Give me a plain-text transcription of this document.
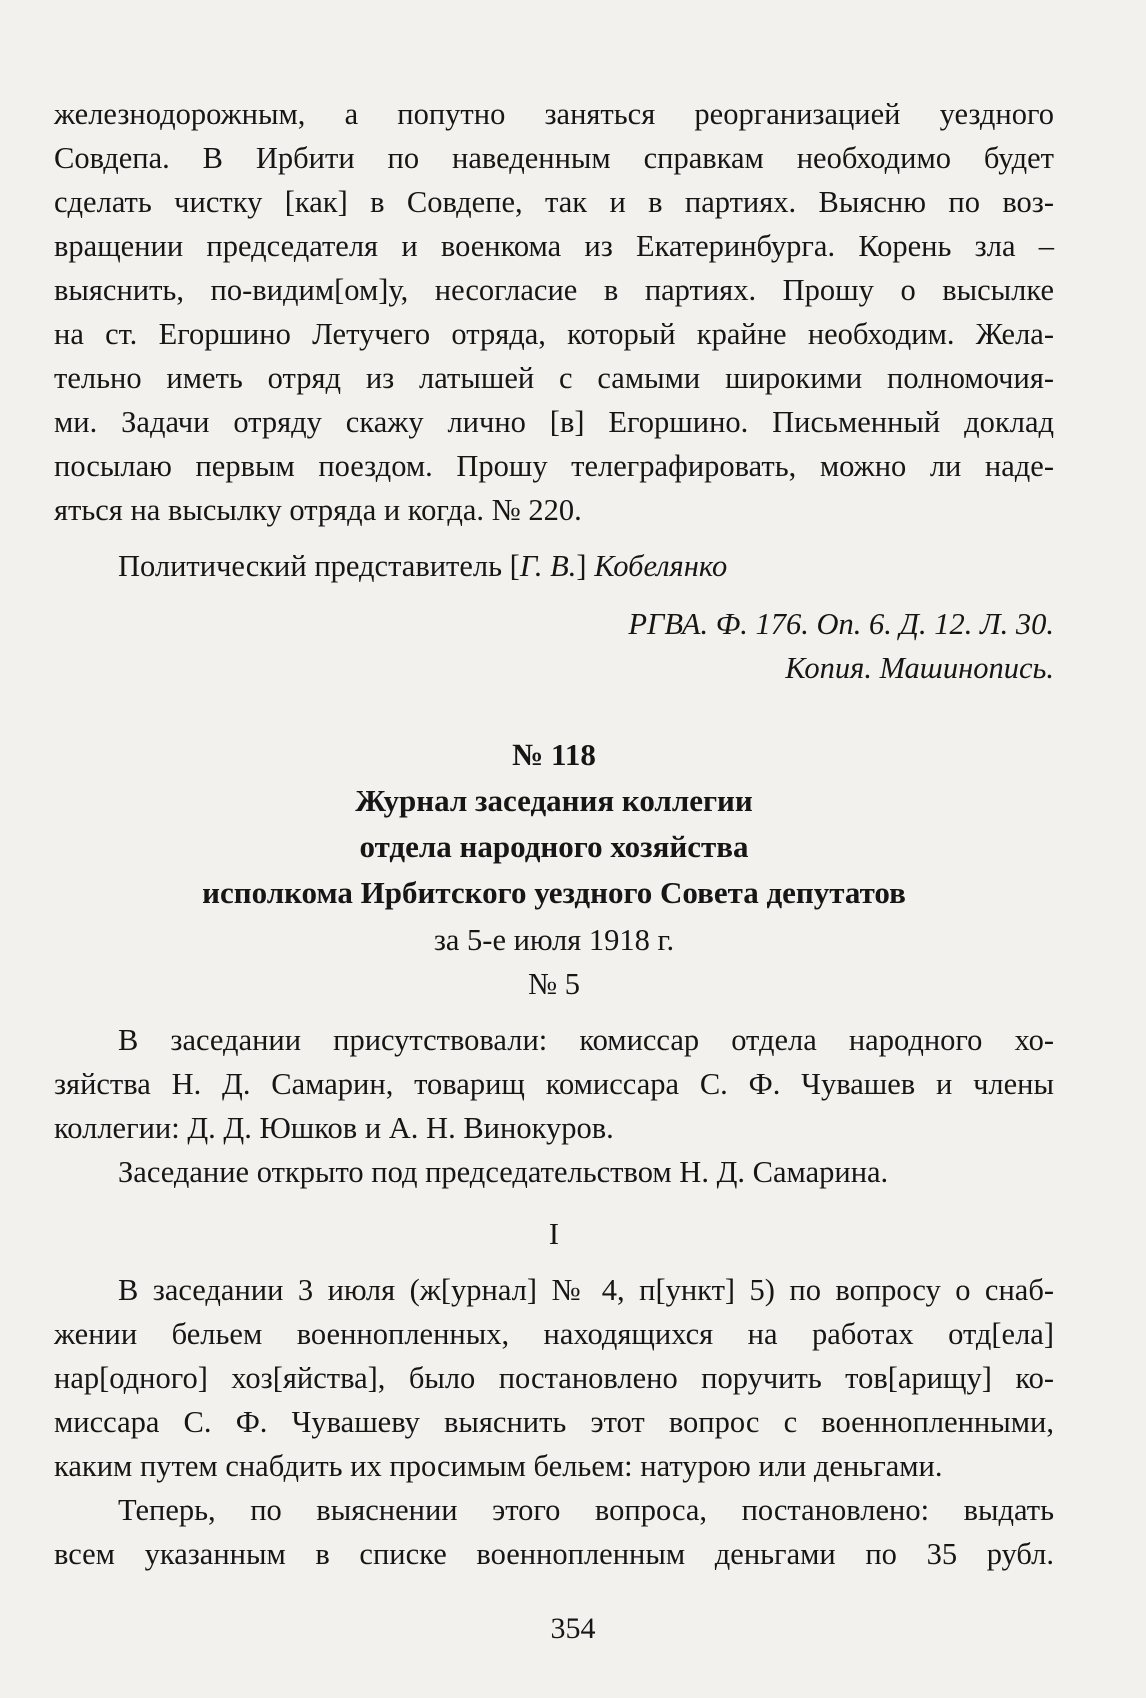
железнодорожным, а попутно заняться реорганизацией уездного
Совдепа. В Ирбити по наведенным справкам необходимо будет
сделать чистку [как] в Совдепе, так и в партиях. Выясню по воз-
вращении председателя и военкома из Екатеринбурга. Корень зла –
выяснить, по-видим[ом]у, несогласие в партиях. Прошу о высылке
на ст. Егоршино Летучего отряда, который крайне необходим. Жела-
тельно иметь отряд из латышей с самыми широкими полномочия-
ми. Задачи отряду скажу лично [в] Егоршино. Письменный доклад
посылаю первым поездом. Прошу телеграфировать, можно ли наде-
яться на высылку отряда и когда. № 220.
Политический представитель [Г. В.] Кобелянко
РГВА. Ф. 176. Оп. 6. Д. 12. Л. 30.
Копия. Машинопись.
№ 118
Журнал заседания коллегии
отдела народного хозяйства
исполкома Ирбитского уездного Совета депутатов
за 5-е июля 1918 г.
№ 5
В заседании присутствовали: комиссар отдела народного хо-
зяйства Н. Д. Самарин, товарищ комиссара С. Ф. Чувашев и члены
коллегии: Д. Д. Юшков и А. Н. Винокуров.
Заседание открыто под председательством Н. Д. Самарина.
I
В заседании 3 июля (ж[урнал] № 4, п[ункт] 5) по вопросу о снаб-
жении бельем военнопленных, находящихся на работах отд[ела]
нар[одного] хоз[яйства], было постановлено поручить тов[арищу] ко-
миссара С. Ф. Чувашеву выяснить этот вопрос с военнопленными,
каким путем снабдить их просимым бельем: натурою или деньгами.
Теперь, по выяснении этого вопроса, постановлено: выдать
всем указанным в списке военнопленным деньгами по 35 рубл.
354
